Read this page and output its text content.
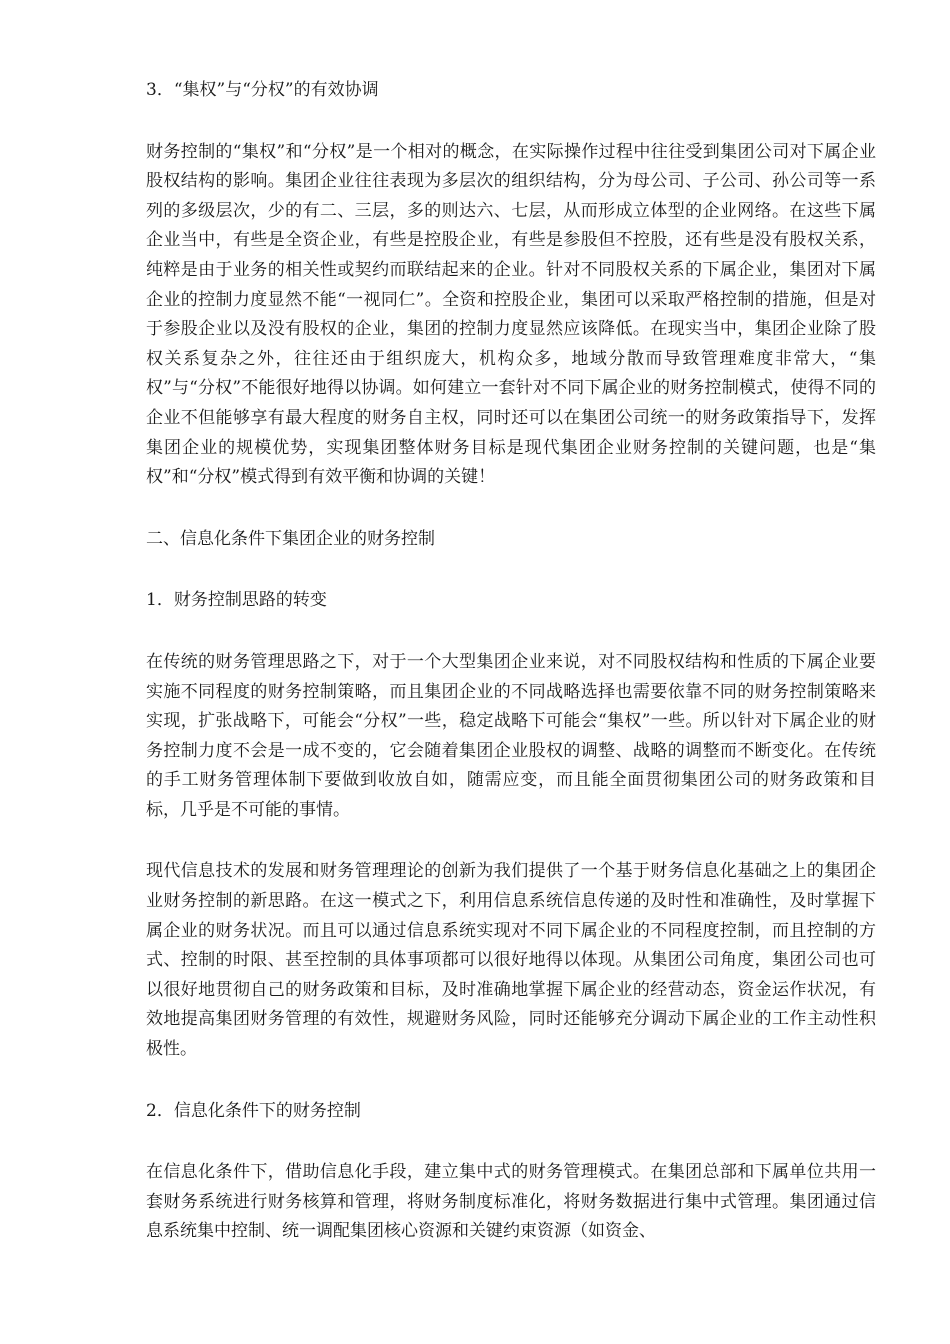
3．“集权”与“分权”的有效协调

财务控制的“集权”和“分权”是一个相对的概念，在实际操作过程中往往受到集团公司对下属企业股权结构的影响。集团企业往往表现为多层次的组织结构，分为母公司、子公司、孙公司等一系列的多级层次，少的有二、三层，多的则达六、七层，从而形成立体型的企业网络。在这些下属企业当中，有些是全资企业，有些是控股企业，有些是参股但不控股，还有些是没有股权关系，纯粹是由于业务的相关性或契约而联结起来的企业。针对不同股权关系的下属企业，集团对下属企业的控制力度显然不能“一视同仁”。全资和控股企业，集团可以采取严格控制的措施，但是对于参股企业以及没有股权的企业，集团的控制力度显然应该降低。在现实当中，集团企业除了股权关系复杂之外，往往还由于组织庞大，机构众多，地域分散而导致管理难度非常大，“集权”与“分权”不能很好地得以协调。如何建立一套针对不同下属企业的财务控制模式，使得不同的企业不但能够享有最大程度的财务自主权，同时还可以在集团公司统一的财务政策指导下，发挥集团企业的规模优势，实现集团整体财务目标是现代集团企业财务控制的关键问题，也是“集权”和“分权”模式得到有效平衡和协调的关键！

二、信息化条件下集团企业的财务控制

1．财务控制思路的转变

在传统的财务管理思路之下，对于一个大型集团企业来说，对不同股权结构和性质的下属企业要实施不同程度的财务控制策略，而且集团企业的不同战略选择也需要依靠不同的财务控制策略来实现，扩张战略下，可能会“分权”一些，稳定战略下可能会“集权”一些。所以针对下属企业的财务控制力度不会是一成不变的，它会随着集团企业股权的调整、战略的调整而不断变化。在传统的手工财务管理体制下要做到收放自如，随需应变，而且能全面贯彻集团公司的财务政策和目标，几乎是不可能的事情。

现代信息技术的发展和财务管理理论的创新为我们提供了一个基于财务信息化基础之上的集团企业财务控制的新思路。在这一模式之下，利用信息系统信息传递的及时性和准确性，及时掌握下属企业的财务状况。而且可以通过信息系统实现对不同下属企业的不同程度控制，而且控制的方式、控制的时限、甚至控制的具体事项都可以很好地得以体现。从集团公司角度，集团公司也可以很好地贯彻自己的财务政策和目标，及时准确地掌握下属企业的经营动态，资金运作状况，有效地提高集团财务管理的有效性，规避财务风险，同时还能够充分调动下属企业的工作主动性积极性。

2．信息化条件下的财务控制

在信息化条件下，借助信息化手段，建立集中式的财务管理模式。在集团总部和下属单位共用一套财务系统进行财务核算和管理，将财务制度标准化，将财务数据进行集中式管理。集团通过信息系统集中控制、统一调配集团核心资源和关键约束资源（如资金、
